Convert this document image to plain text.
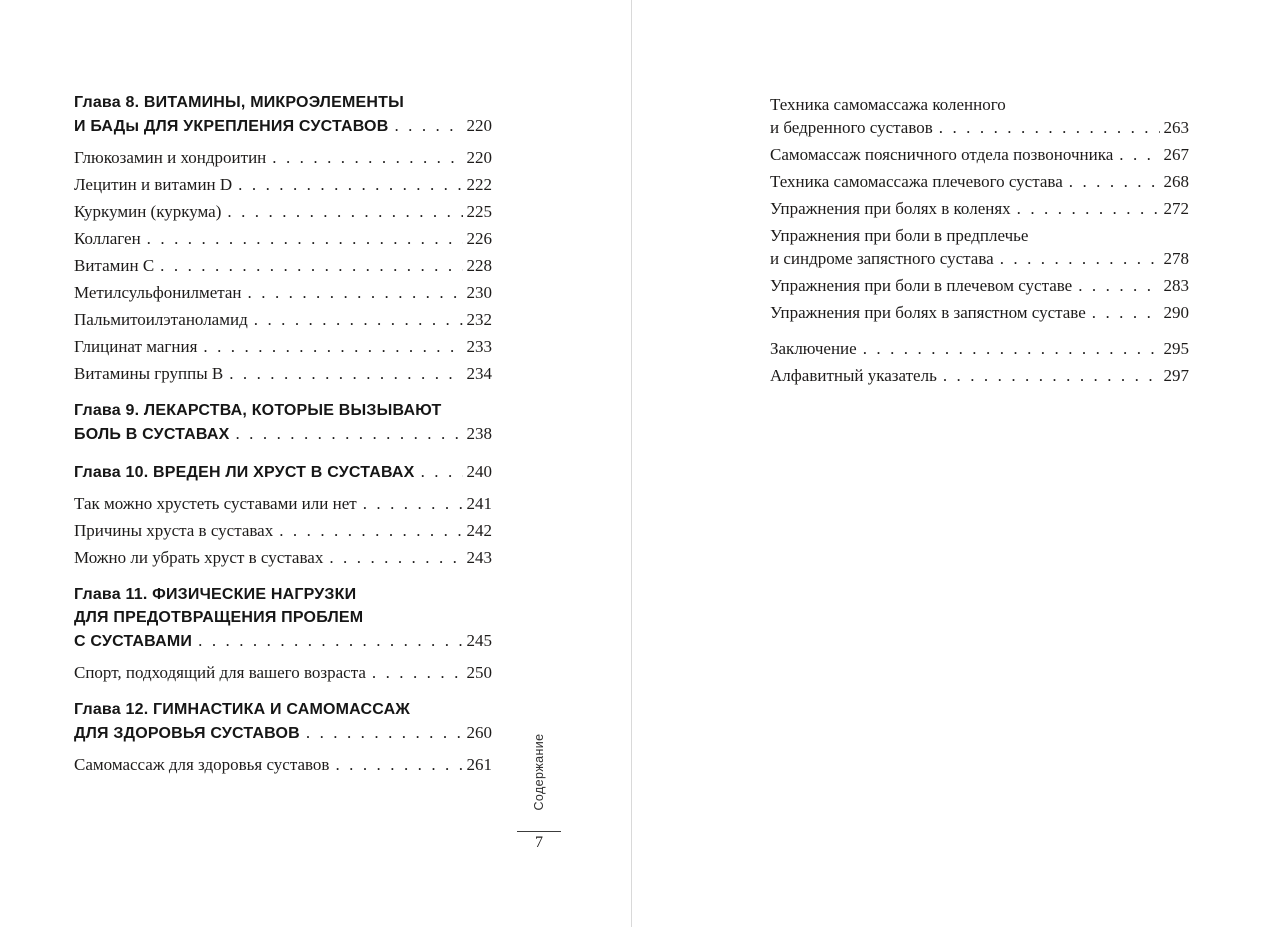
Глава 8. ВИТАМИНЫ, МИКРОЭЛЕМЕНТЫ
И БАДы ДЛЯ УКРЕПЛЕНИЯ СУСТАВОВ . . .	220
Глюкозамин и хондроитин . . .	220
Лецитин и витамин D . . .	222
Куркумин (куркума) . . .	225
Коллаген . . .	226
Витамин С . . .	228
Метилсульфонилметан . . .	230
Пальмитоилэтаноламид . . .	232
Глицинат магния . . .	233
Витамины группы В . . .	234
Глава 9. ЛЕКАРСТВА, КОТОРЫЕ ВЫЗЫВАЮТ
БОЛЬ В СУСТАВАХ . . .	238
Глава 10. ВРЕДЕН ЛИ ХРУСТ В СУСТАВАХ . . .	240
Так можно хрустеть суставами или нет . . .	241
Причины хруста в суставах . . .	242
Можно ли убрать хруст в суставах . . .	243
Глава 11. ФИЗИЧЕСКИЕ НАГРУЗКИ
ДЛЯ ПРЕДОТВРАЩЕНИЯ ПРОБЛЕМ
С СУСТАВАМИ . . .	245
Спорт, подходящий для вашего возраста . . .	250
Глава 12. ГИМНАСТИКА И САМОМАССАЖ
ДЛЯ ЗДОРОВЬЯ СУСТАВОВ . . .	260
Самомассаж для здоровья суставов . . .	261
Техника самомассажа коленного
и бедренного суставов . . .	263
Самомассаж поясничного отдела позвоночника . . .	267
Техника самомассажа плечевого сустава . . .	268
Упражнения при болях в коленях . . .	272
Упражнения при боли в предплечье
и синдроме запястного сустава . . .	278
Упражнения при боли в плечевом суставе . . .	283
Упражнения при болях в запястном суставе . . .	290
Заключение . . .	295
Алфавитный указатель . . .	297
Содержание
7
